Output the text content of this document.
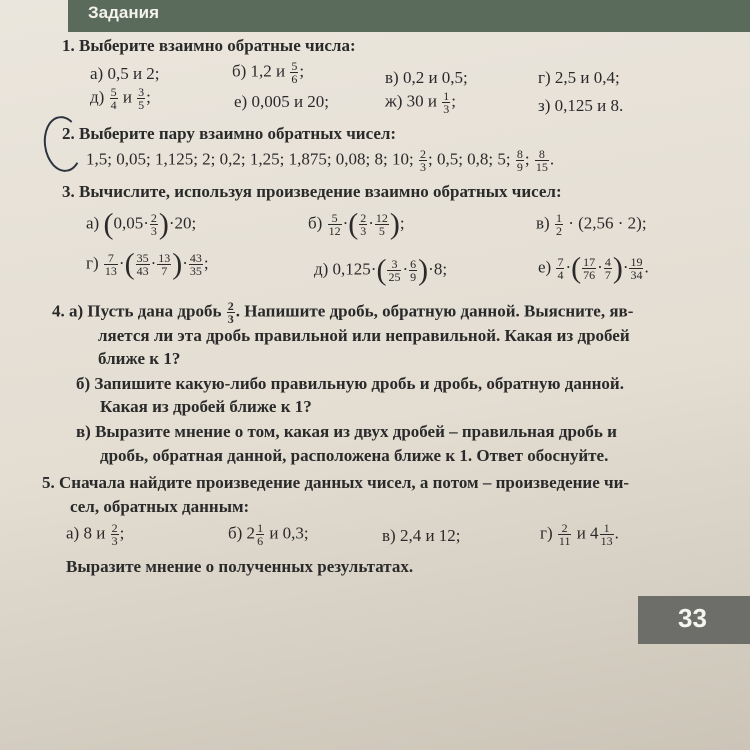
Задания
1. Выберите взаимно обратные числа:
а) 0,5 и 2;	б) 1,2 и $\frac{5}{6}$ ;	в) 0,2 и 0,5;	г) 2,5 и 0,4;
$д) \frac{5}{4}$ и $\frac{3}{5}$ ;	е) 0,005 и 20;	ж) 30 и $\frac{1}{3}$ ;	з) 0,125 и 8.
2. Выберите пару взаимно обратных чисел:
1,5; 0,05; 1,125; 2; 0,2; 1,25; 1,875; 0,08; 8; 10; $\frac{2}{3}$ ; 0,5; 0,8; 5; $\frac{8}{9}$ ; $\frac{8}{15}$ .
3. Вычислите, используя произведение взаимно обратных чисел:
а) $(0,05\cdot \frac{2}{3} )\cdot 20$;	$б) \frac{5}{12}$ ·( $\frac{2}{3} \cdot \frac{12}{5}$ );	$в) \frac{1}{2} \cdot (2,56 \cdot 2)$;
$г) \frac{7}{13}$ ·( $\frac{35}{43} \cdot \frac{13}{7}$ )· $\frac{43}{35}$ ;	д) $0,125\cdot( \frac{3}{25} \cdot \frac{6}{9} )\cdot 8$;	$е) \frac{7}{4}$ ·( $\frac{17}{76} \cdot \frac{4}{7}$ )· $\frac{19}{34}$ .
4. а) Пусть дана дробь $\frac{2}{3}$ . Напишите дробь, обратную данной. Выясните, яв-
ляется ли эта дробь правильной или неправильной. Какая из дробей
ближе к 1?
б) Запишите какую-либо правильную дробь и дробь, обратную данной.
Какая из дробей ближе к 1?
в) Выразите мнение о том, какая из двух дробей – правильная дробь и
дробь, обратная данной, расположена ближе к 1. Ответ обоснуйте.
5. Сначала найдите произведение данных чисел, а потом – произведение чи-
сел, обратных данным:
а) 8 и $\frac{2}{3}$ ;	б) $2 \frac{1}{6}$ и 0,3;	в) 2,4 и 12;	$г) \frac{2}{11}$ и $4 \frac{1}{13}$ .
Выразите мнение о полученных результатах.
33
